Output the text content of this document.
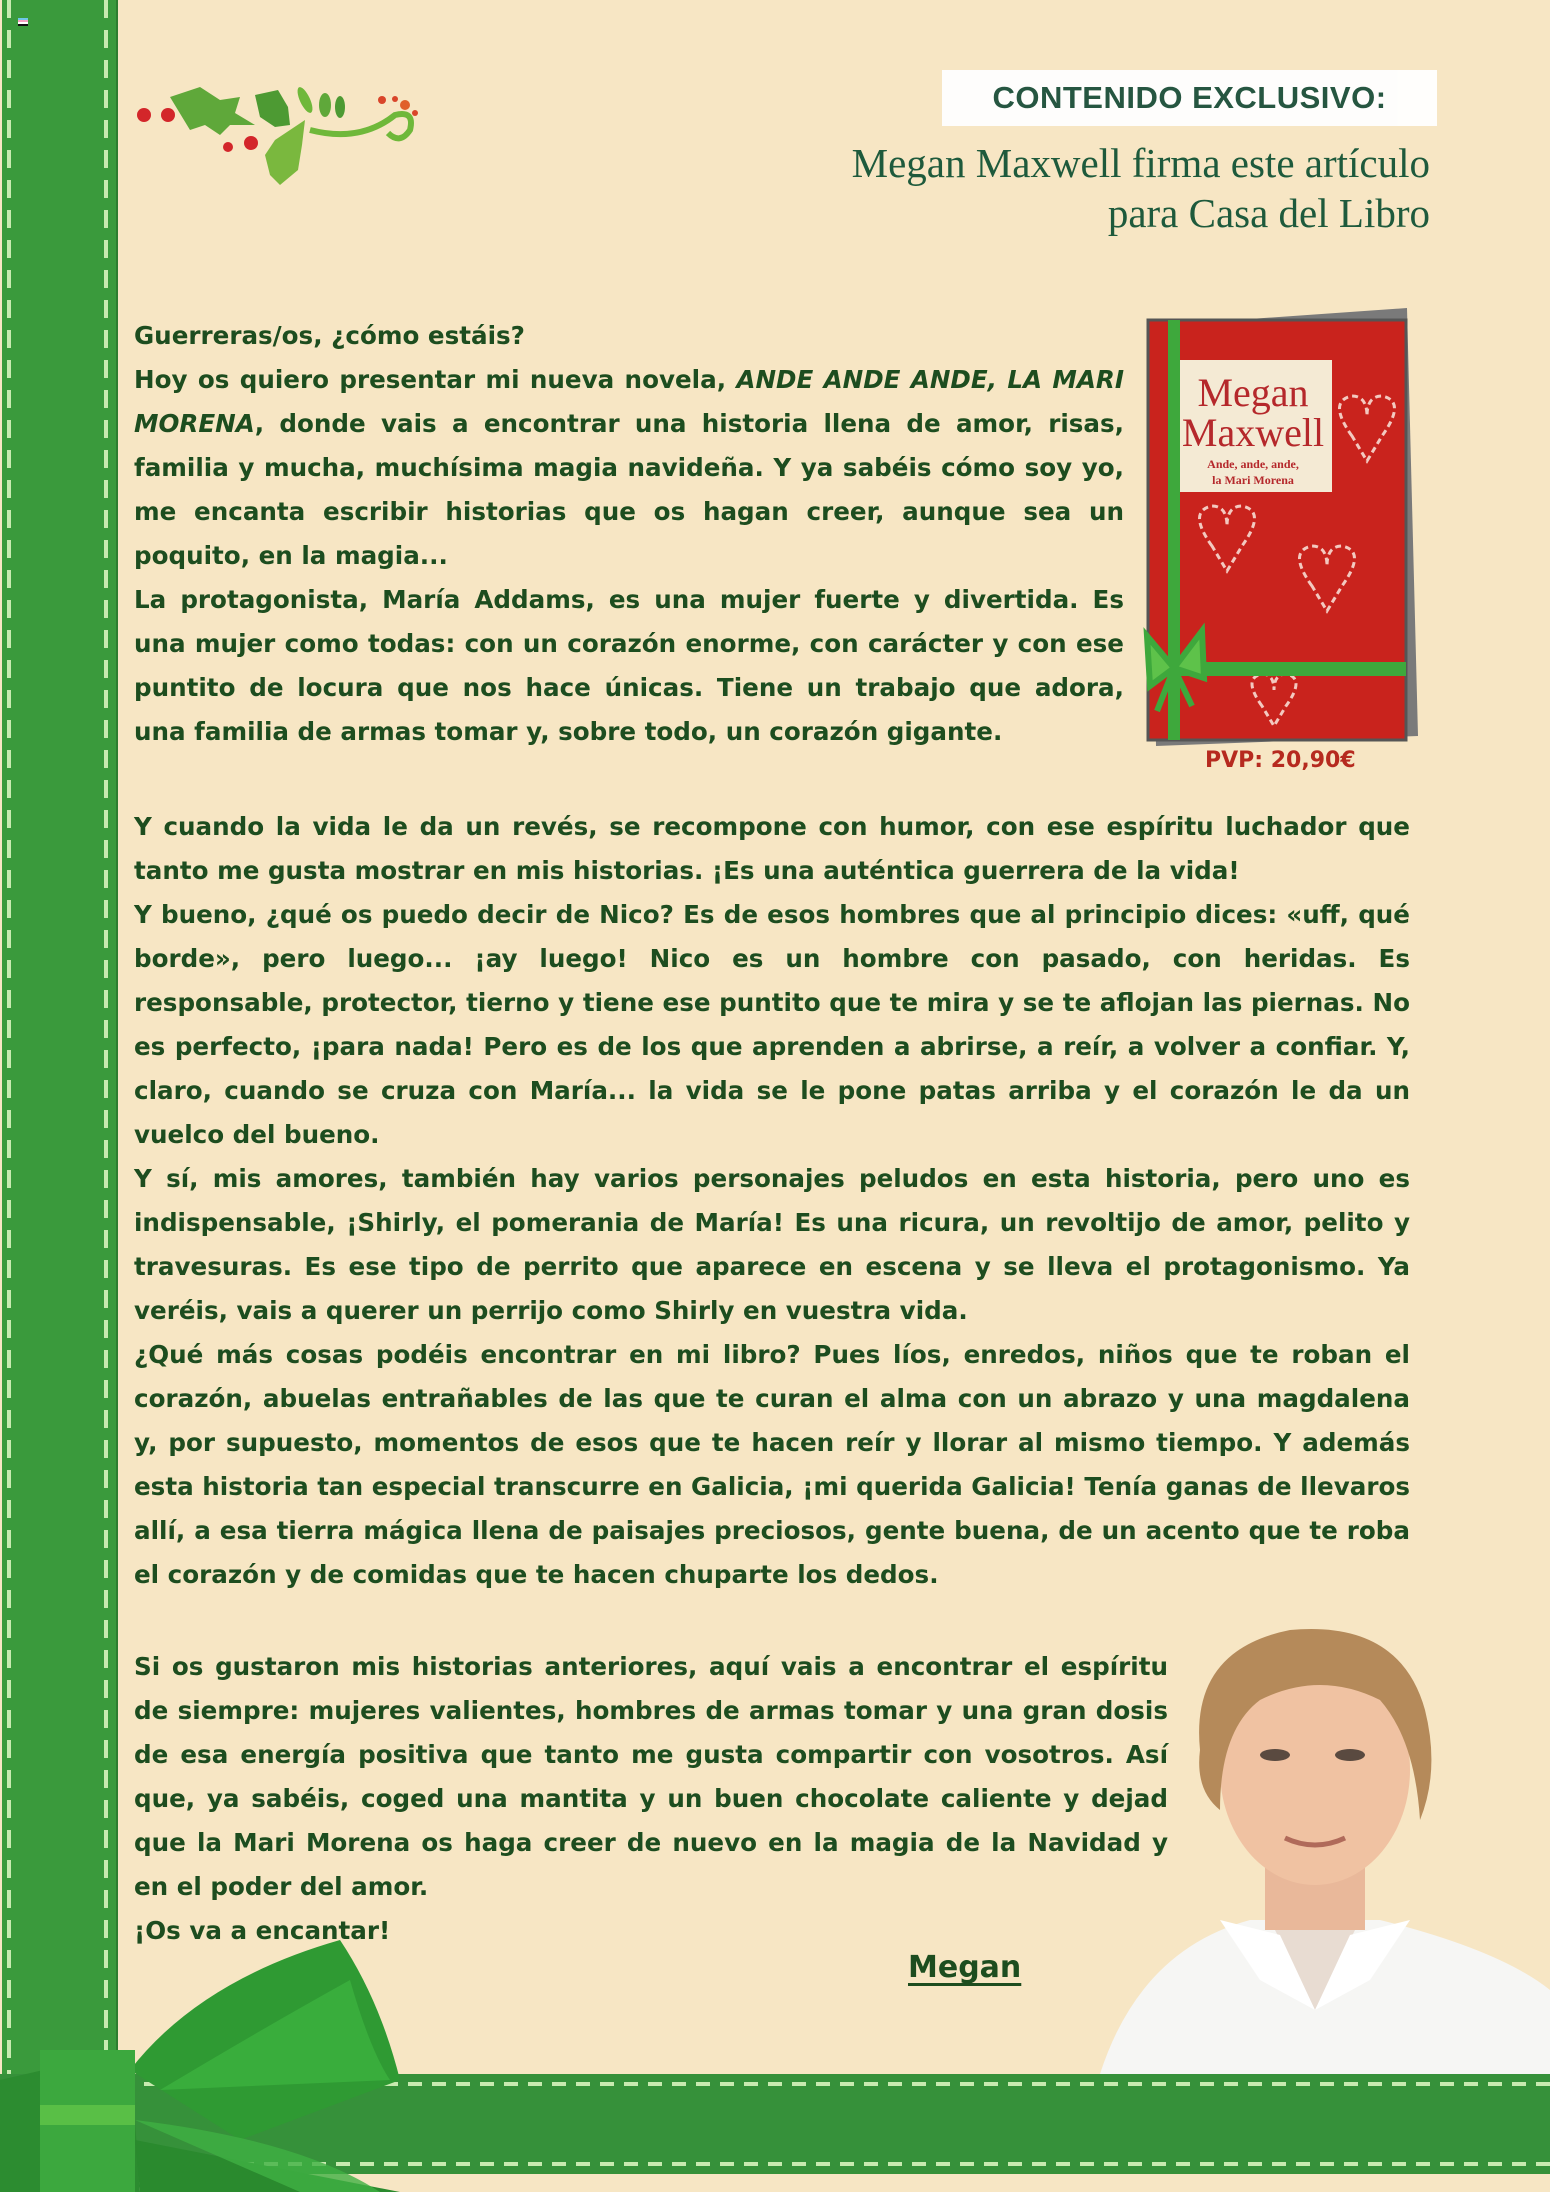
CONTENIDO EXCLUSIVO:
Megan Maxwell firma este artículo
para Casa del Libro

Guerreras/os, ¿cómo estáis?

Hoy os quiero presentar mi nueva novela, ANDE ANDE ANDE, LA MARI MORENA, donde vais a encontrar una historia llena de amor, risas, familia y mucha, muchísima magia navideña. Y ya sabéis cómo soy yo, me encanta escribir historias que os hagan creer, aunque sea un poquito, en la magia...

La protagonista, María Addams, es una mujer fuerte y divertida. Es una mujer como todas: con un corazón enorme, con carácter y con ese puntito de locura que nos hace únicas. Tiene un trabajo que adora, una familia de armas tomar y, sobre todo, un corazón gigante.

Megan
Maxwell
Ande, ande, ande,
la Mari Morena
PVP: 20,90€

Y cuando la vida le da un revés, se recompone con humor, con ese espíritu luchador que tanto me gusta mostrar en mis historias. ¡Es una auténtica guerrera de la vida!

Y bueno, ¿qué os puedo decir de Nico? Es de esos hombres que al principio dices: «uff, qué borde», pero luego... ¡ay luego! Nico es un hombre con pasado, con heridas. Es responsable, protector, tierno y tiene ese puntito que te mira y se te aflojan las piernas. No es perfecto, ¡para nada! Pero es de los que aprenden a abrirse, a reír, a volver a confiar. Y, claro, cuando se cruza con María... la vida se le pone patas arriba y el corazón le da un vuelco del bueno.

Y sí, mis amores, también hay varios personajes peludos en esta historia, pero uno es indispensable, ¡Shirly, el pomerania de María! Es una ricura, un revoltijo de amor, pelito y travesuras. Es ese tipo de perrito que aparece en escena y se lleva el protagonismo. Ya veréis, vais a querer un perrijo como Shirly en vuestra vida.

¿Qué más cosas podéis encontrar en mi libro? Pues líos, enredos, niños que te roban el corazón, abuelas entrañables de las que te curan el alma con un abrazo y una magdalena y, por supuesto, momentos de esos que te hacen reír y llorar al mismo tiempo. Y además esta historia tan especial transcurre en Galicia, ¡mi querida Galicia! Tenía ganas de llevaros allí, a esa tierra mágica llena de paisajes preciosos, gente buena, de un acento que te roba el corazón y de comidas que te hacen chuparte los dedos.

Si os gustaron mis historias anteriores, aquí vais a encontrar el espíritu de siempre: mujeres valientes, hombres de armas tomar y una gran dosis de esa energía positiva que tanto me gusta compartir con vosotros. Así que, ya sabéis, coged una mantita y un buen chocolate caliente y dejad que la Mari Morena os haga creer de nuevo en la magia de la Navidad y en el poder del amor.

¡Os va a encantar!

Megan
